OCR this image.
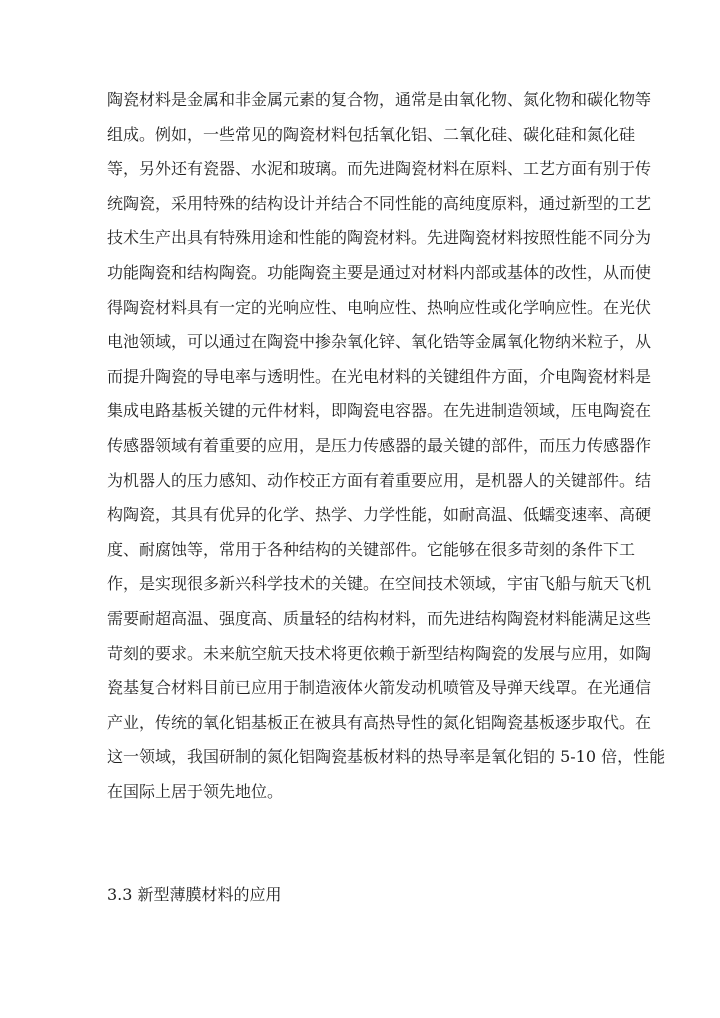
陶瓷材料是金属和非金属元素的复合物，通常是由氧化物、氮化物和碳化物等
组成。例如，一些常见的陶瓷材料包括氧化铝、二氧化硅、碳化硅和氮化硅
等，另外还有瓷器、水泥和玻璃。而先进陶瓷材料在原料、工艺方面有别于传
统陶瓷，采用特殊的结构设计并结合不同性能的高纯度原料，通过新型的工艺
技术生产出具有特殊用途和性能的陶瓷材料。先进陶瓷材料按照性能不同分为
功能陶瓷和结构陶瓷。功能陶瓷主要是通过对材料内部或基体的改性，从而使
得陶瓷材料具有一定的光响应性、电响应性、热响应性或化学响应性。在光伏
电池领域，可以通过在陶瓷中掺杂氧化锌、氧化锆等金属氧化物纳米粒子，从
而提升陶瓷的导电率与透明性。在光电材料的关键组件方面，介电陶瓷材料是
集成电路基板关键的元件材料，即陶瓷电容器。在先进制造领域，压电陶瓷在
传感器领域有着重要的应用，是压力传感器的最关键的部件，而压力传感器作
为机器人的压力感知、动作校正方面有着重要应用，是机器人的关键部件。结
构陶瓷，其具有优异的化学、热学、力学性能，如耐高温、低蠕变速率、高硬
度、耐腐蚀等，常用于各种结构的关键部件。它能够在很多苛刻的条件下工
作，是实现很多新兴科学技术的关键。在空间技术领域，宇宙飞船与航天飞机
需要耐超高温、强度高、质量轻的结构材料，而先进结构陶瓷材料能满足这些
苛刻的要求。未来航空航天技术将更依赖于新型结构陶瓷的发展与应用，如陶
瓷基复合材料目前已应用于制造液体火箭发动机喷管及导弹天线罩。在光通信
产业，传统的氧化铝基板正在被具有高热导性的氮化铝陶瓷基板逐步取代。在
这一领域，我国研制的氮化铝陶瓷基板材料的热导率是氧化铝的 5-10 倍，性能
在国际上居于领先地位。
3.3 新型薄膜材料的应用
